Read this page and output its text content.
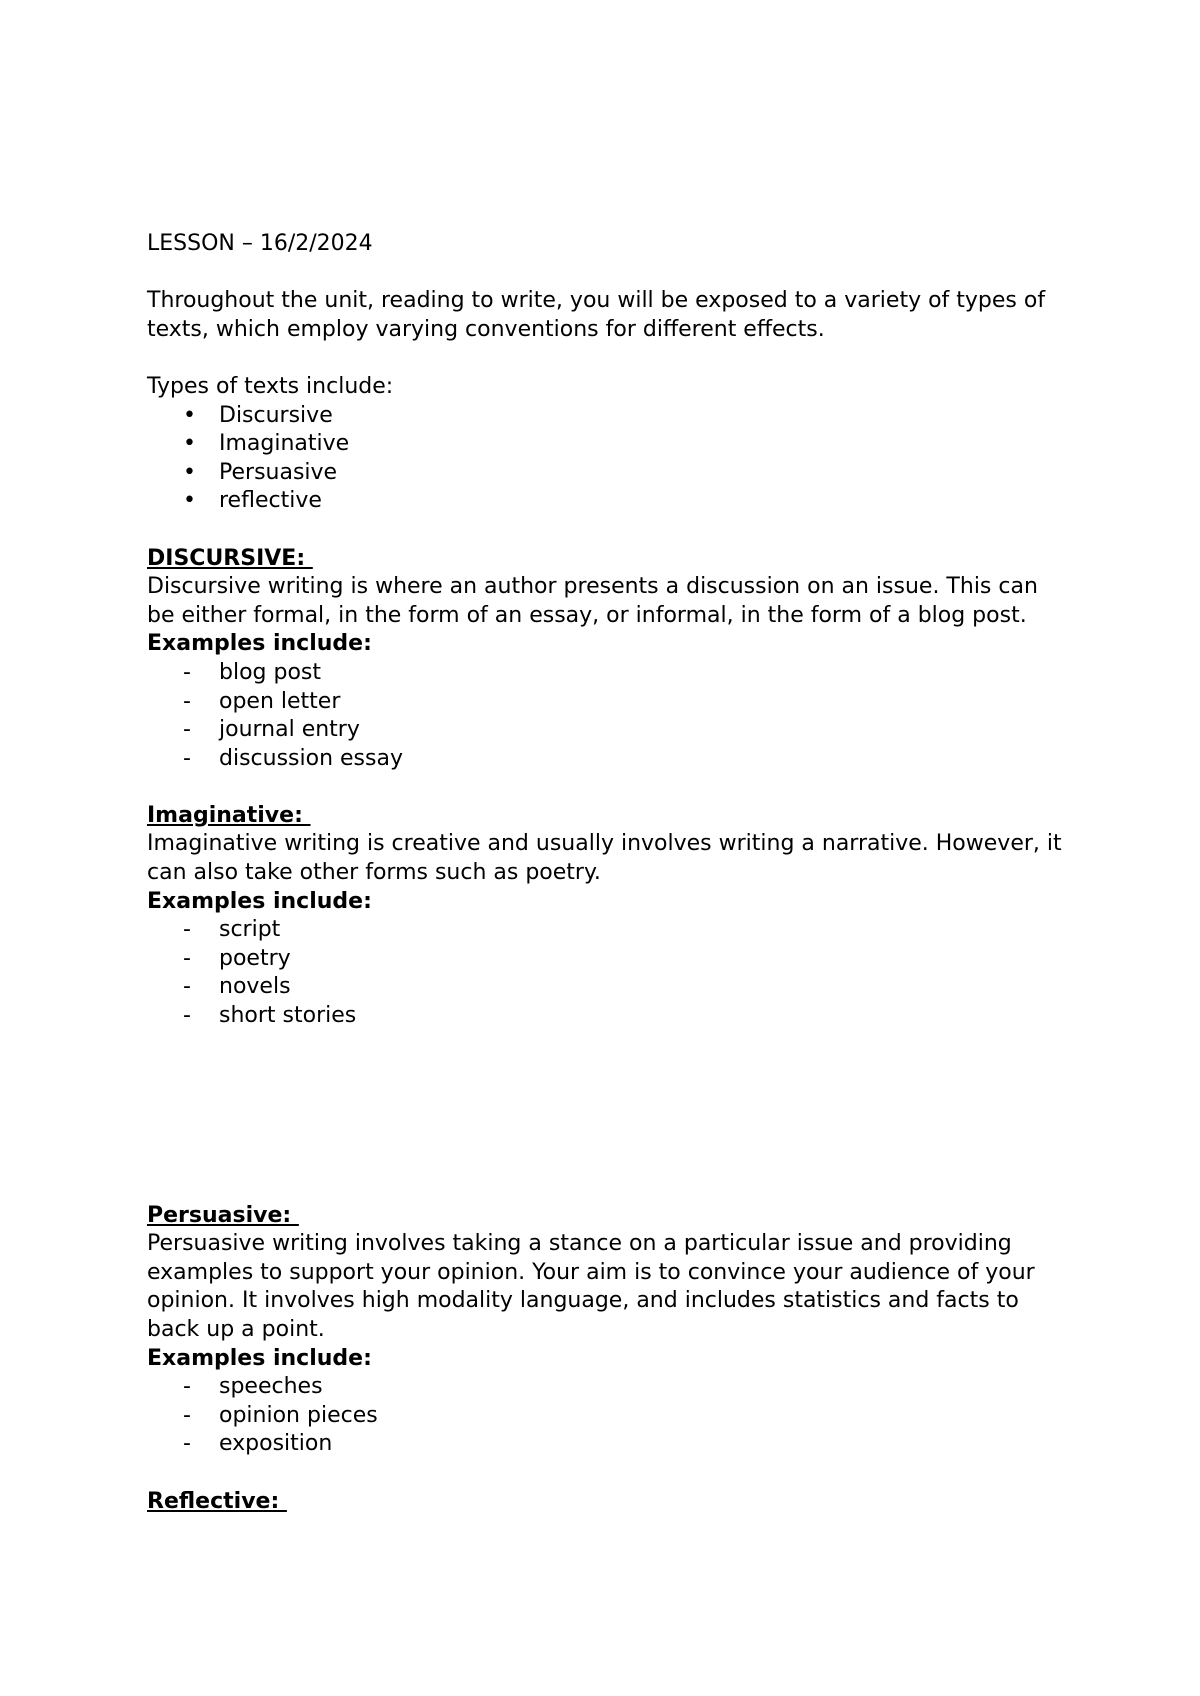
LESSON – 16/2/2024

Throughout the unit, reading to write, you will be exposed to a variety of types of texts, which employ varying conventions for different effects.

Types of texts include:

•	Discursive
•	Imaginative
•	Persuasive
•	reflective

DISCURSIVE:

Discursive writing is where an author presents a discussion on an issue. This can be either formal, in the form of an essay, or informal, in the form of a blog post.

Examples include:

-	blog post
-	open letter
-	journal entry
-	discussion essay

Imaginative:

Imaginative writing is creative and usually involves writing a narrative. However, it can also take other forms such as poetry.

Examples include:

-	script
-	poetry
-	novels
-	short stories

Persuasive:

Persuasive writing involves taking a stance on a particular issue and providing examples to support your opinion. Your aim is to convince your audience of your opinion. It involves high modality language, and includes statistics and facts to back up a point.

Examples include:

-	speeches
-	opinion pieces
-	exposition

Reflective:
